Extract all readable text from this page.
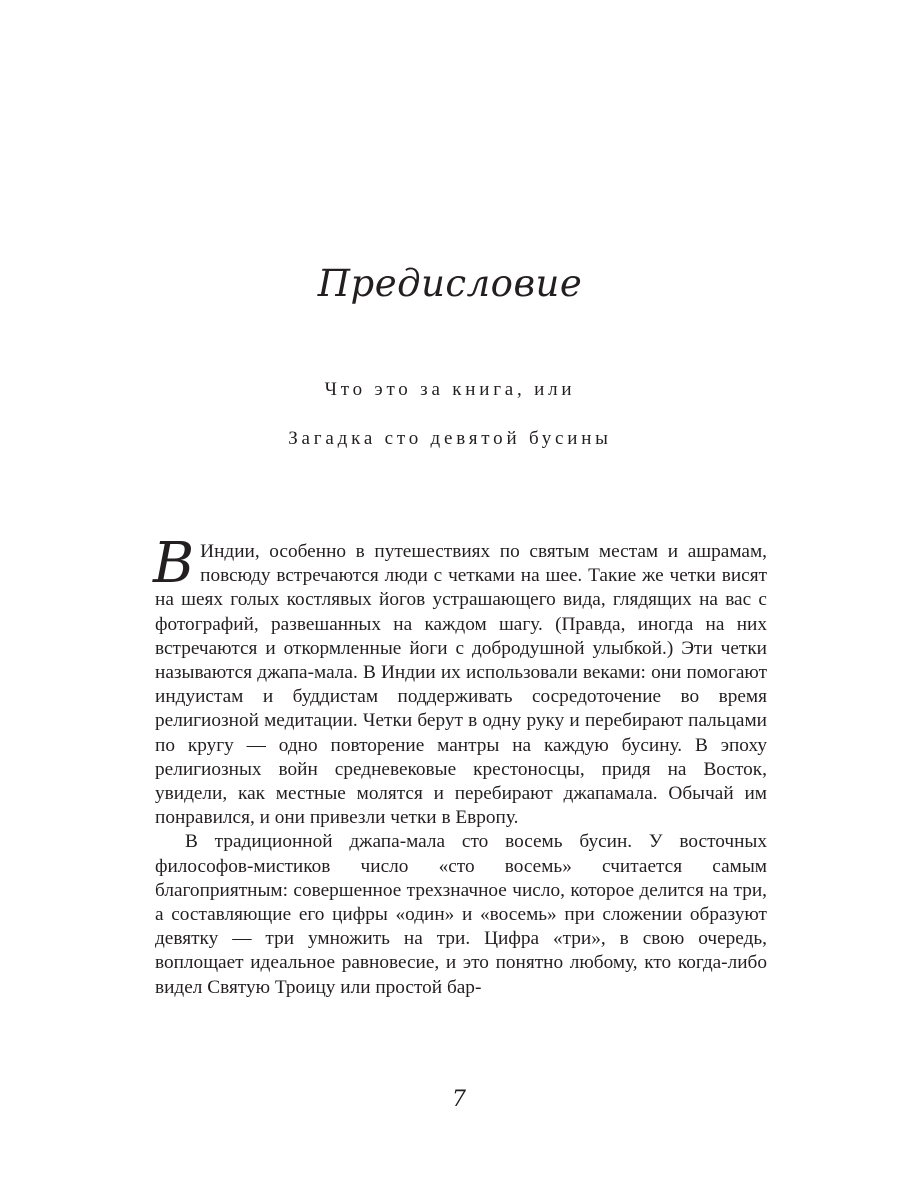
Предисловие
Что это за книга, или
Загадка сто девятой бусины

В Индии, особенно в путешествиях по святым местам и ашрамам, повсюду встречаются люди с четками на шее. Такие же четки висят на шеях голых костлявых йогов устрашающего вида, глядящих на вас с фотографий, развешанных на каждом шагу. (Правда, иногда на них встречаются и откормленные йоги с добродушной улыбкой.) Эти четки называются джапа-мала. В Индии их использовали веками: они помогают индуистам и буддистам поддерживать сосредоточение во время религиозной медитации. Четки берут в одну руку и перебирают пальцами по кругу — одно повторение мантры на каждую бусину. В эпоху религиозных войн средневековые крестоносцы, придя на Восток, увидели, как местные молятся и перебирают джапамала. Обычай им понравился, и они привезли четки в Европу.

В традиционной джапа-мала сто восемь бусин. У восточных философов-мистиков число «сто восемь» считается самым благоприятным: совершенное трехзначное число, которое делится на три, а составляющие его цифры «один» и «восемь» при сложении образуют девятку — три умножить на три. Цифра «три», в свою очередь, воплощает идеальное равновесие, и это понятно любому, кто когда-либо видел Святую Троицу или простой бар-

7
